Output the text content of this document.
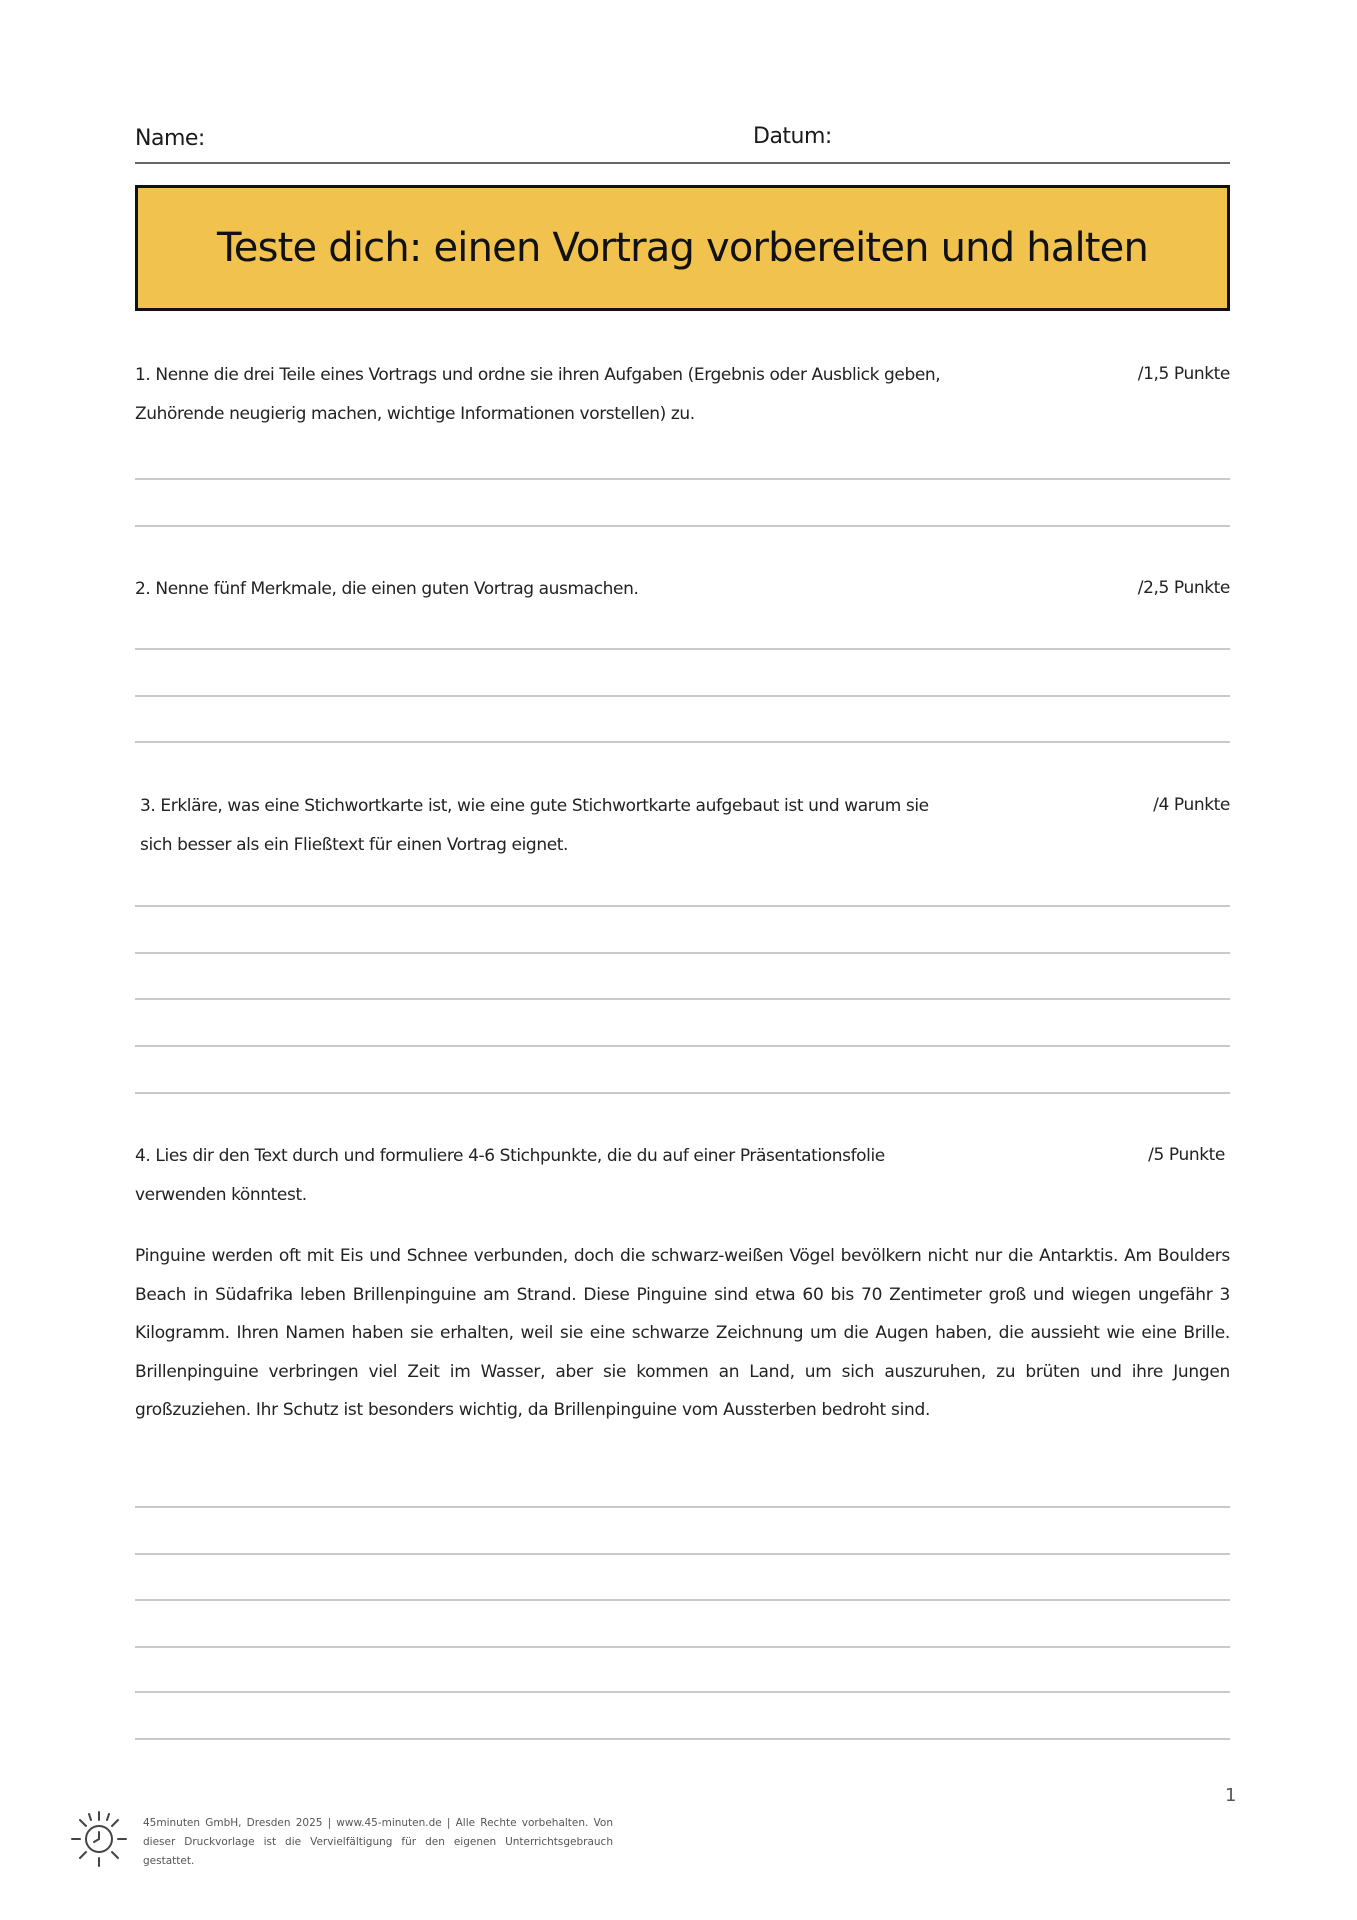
Name:	Datum:
Teste dich: einen Vortrag vorbereiten und halten
1. Nenne die drei Teile eines Vortrags und ordne sie ihren Aufgaben (Ergebnis oder Ausblick geben,
Zuhörende neugierig machen, wichtige Informationen vorstellen) zu.
/1,5 Punkte
2. Nenne fünf Merkmale, die einen guten Vortrag ausmachen.	/2,5 Punkte
3. Erkläre, was eine Stichwortkarte ist, wie eine gute Stichwortkarte aufgebaut ist und warum sie
sich besser als ein Fließtext für einen Vortrag eignet.
/4 Punkte
4. Lies dir den Text durch und formuliere 4-6 Stichpunkte, die du auf einer Präsentationsfolie
verwenden könntest.
/5 Punkte
Pinguine werden oft mit Eis und Schnee verbunden, doch die schwarz-weißen Vögel bevölkern nicht nur die Antarktis. Am Boulders Beach in Südafrika leben Brillenpinguine am Strand. Diese Pinguine sind etwa 60 bis 70 Zentimeter groß und wiegen ungefähr 3 Kilogramm. Ihren Namen haben sie erhalten, weil sie eine schwarze Zeichnung um die Augen haben, die aussieht wie eine Brille. Brillenpinguine verbringen viel Zeit im Wasser, aber sie kommen an Land, um sich auszuruhen, zu brüten und ihre Jungen großzuziehen. Ihr Schutz ist besonders wichtig, da Brillenpinguine vom Aussterben bedroht sind.
1
45minuten GmbH, Dresden 2025 | www.45-minuten.de | Alle Rechte vorbehalten. Von dieser Druckvorlage ist die Vervielfältigung für den eigenen Unterrichtsgebrauch gestattet.
